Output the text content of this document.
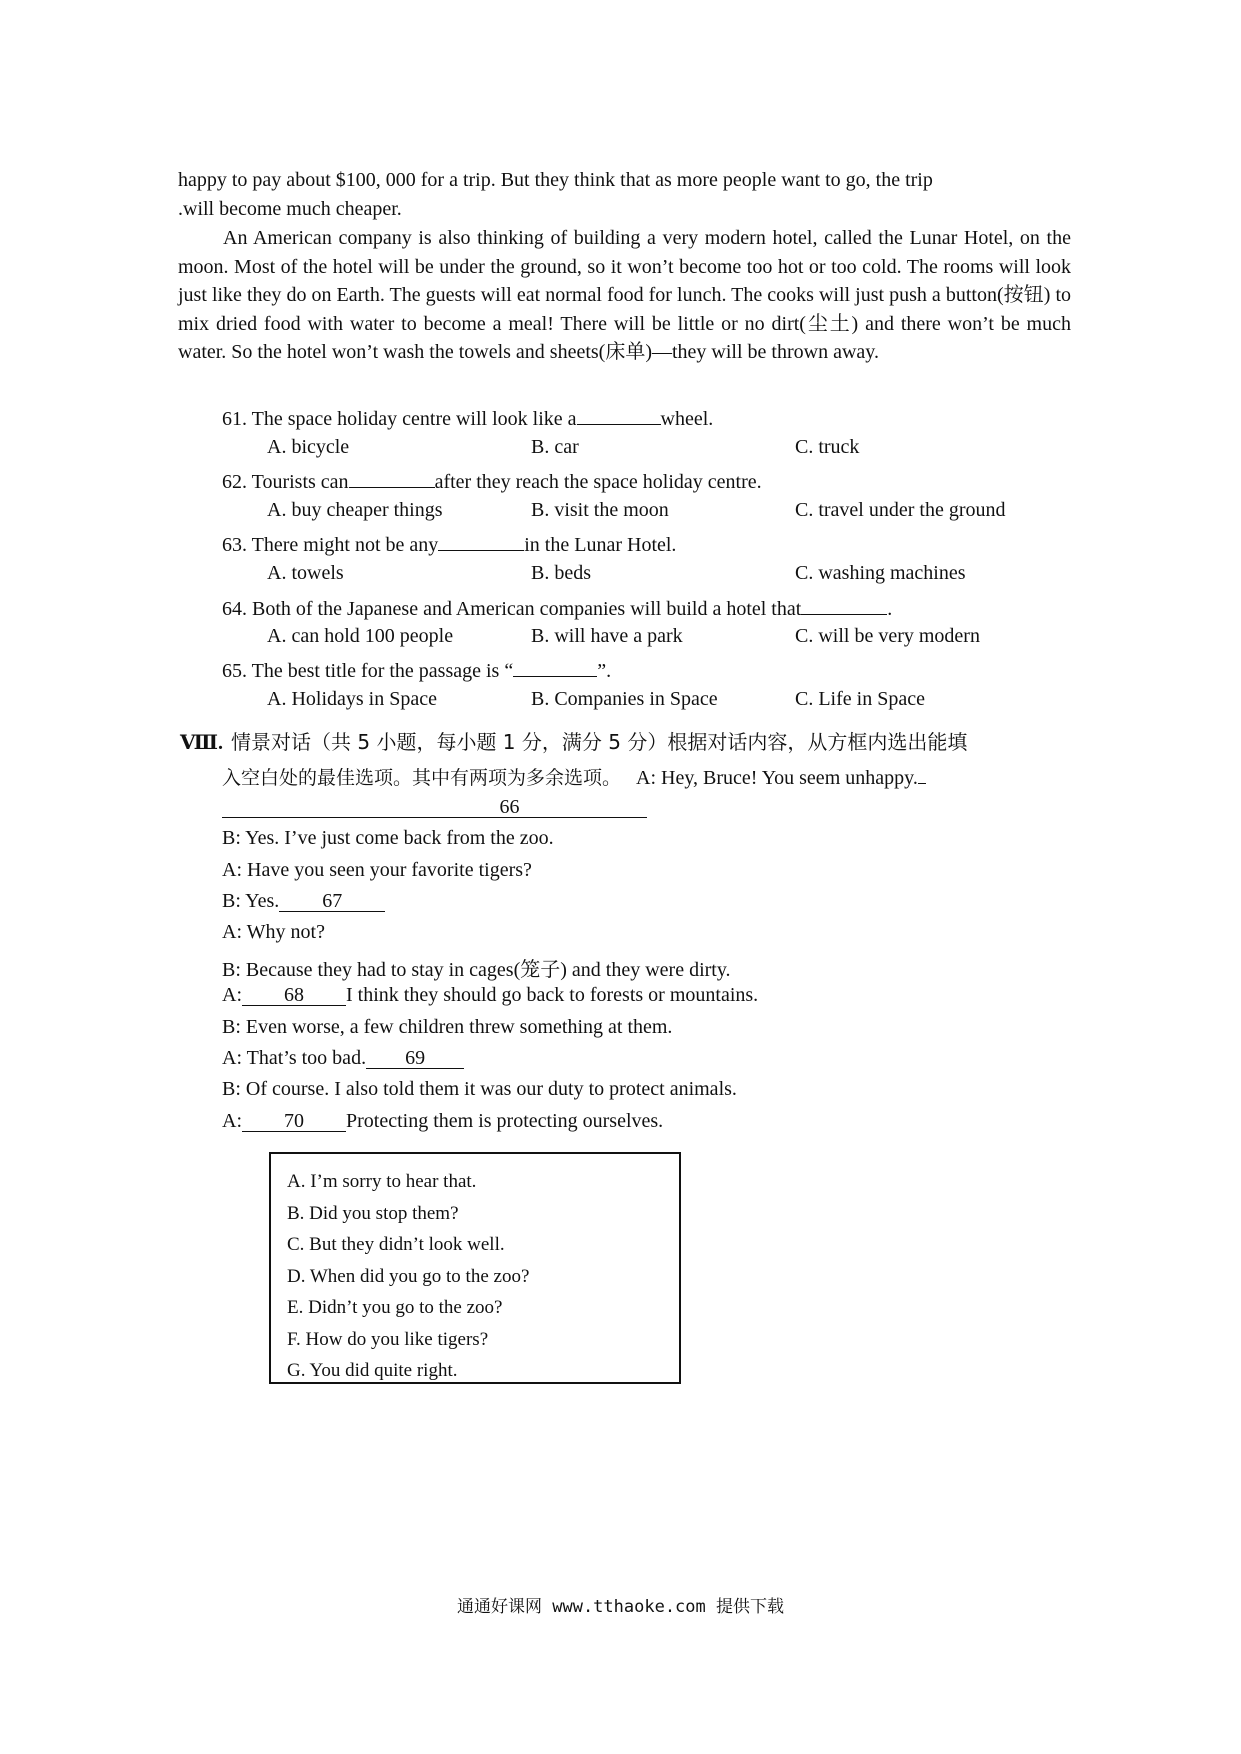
happy to pay about $100, 000 for a trip. But they think that as more people want to go, the trip

.will become much cheaper.

An American company is also thinking of building a very modern hotel, called the Lunar Hotel, on the moon. Most of the hotel will be under the ground, so it won’t become too hot or too cold. The rooms will look just like they do on Earth. The guests will eat normal food for lunch. The cooks will just push a button(按钮) to mix dried food with water to become a meal! There will be little or no dirt(尘土) and there won’t be much water. So the hotel won’t wash the towels and sheets(床单)—they will be thrown away.

61. The space holiday centre will look like a	wheel.
A. bicycle	B. car	C. truck
62. Tourists can	after they reach the space holiday centre.
A. buy cheaper things	B. visit the moon	C. travel under the ground
63. There might not be any	in the Lunar Hotel.
A. towels	B. beds	C. washing machines
64. Both of the Japanese and American companies will build a hotel that	.
A. can hold 100 people	B. will have a park	C. will be very modern
65. The best title for the passage is “	”.
A. Holidays in Space	B. Companies in Space	C. Life in Space
Ⅷ. 情景对话（共 5 小题，每小题 1 分，满分 5 分）根据对话内容，从方框内选出能填
入空白处的最佳选项。其中有两项为多余选项。 A: Hey, Bruce! You seem unhappy.
66
B: Yes. I’ve just come back from the zoo.
A: Have you seen your favorite tigers?
B: Yes. 67
A: Why not?
B: Because they had to stay in cages(笼子) and they were dirty.
A: 68 I think they should go back to forests or mountains.
B: Even worse, a few children threw something at them.
A: That’s too bad. 69
B: Of course. I also told them it was our duty to protect animals.
A: 70 Protecting them is protecting ourselves.
A. I’m sorry to hear that.
B. Did you stop them?
C. But they didn’t look well.
D. When did you go to the zoo?
E. Didn’t you go to the zoo?
F. How do you like tigers?
G. You did quite right.
通通好课网 www.tthaoke.com 提供下载
